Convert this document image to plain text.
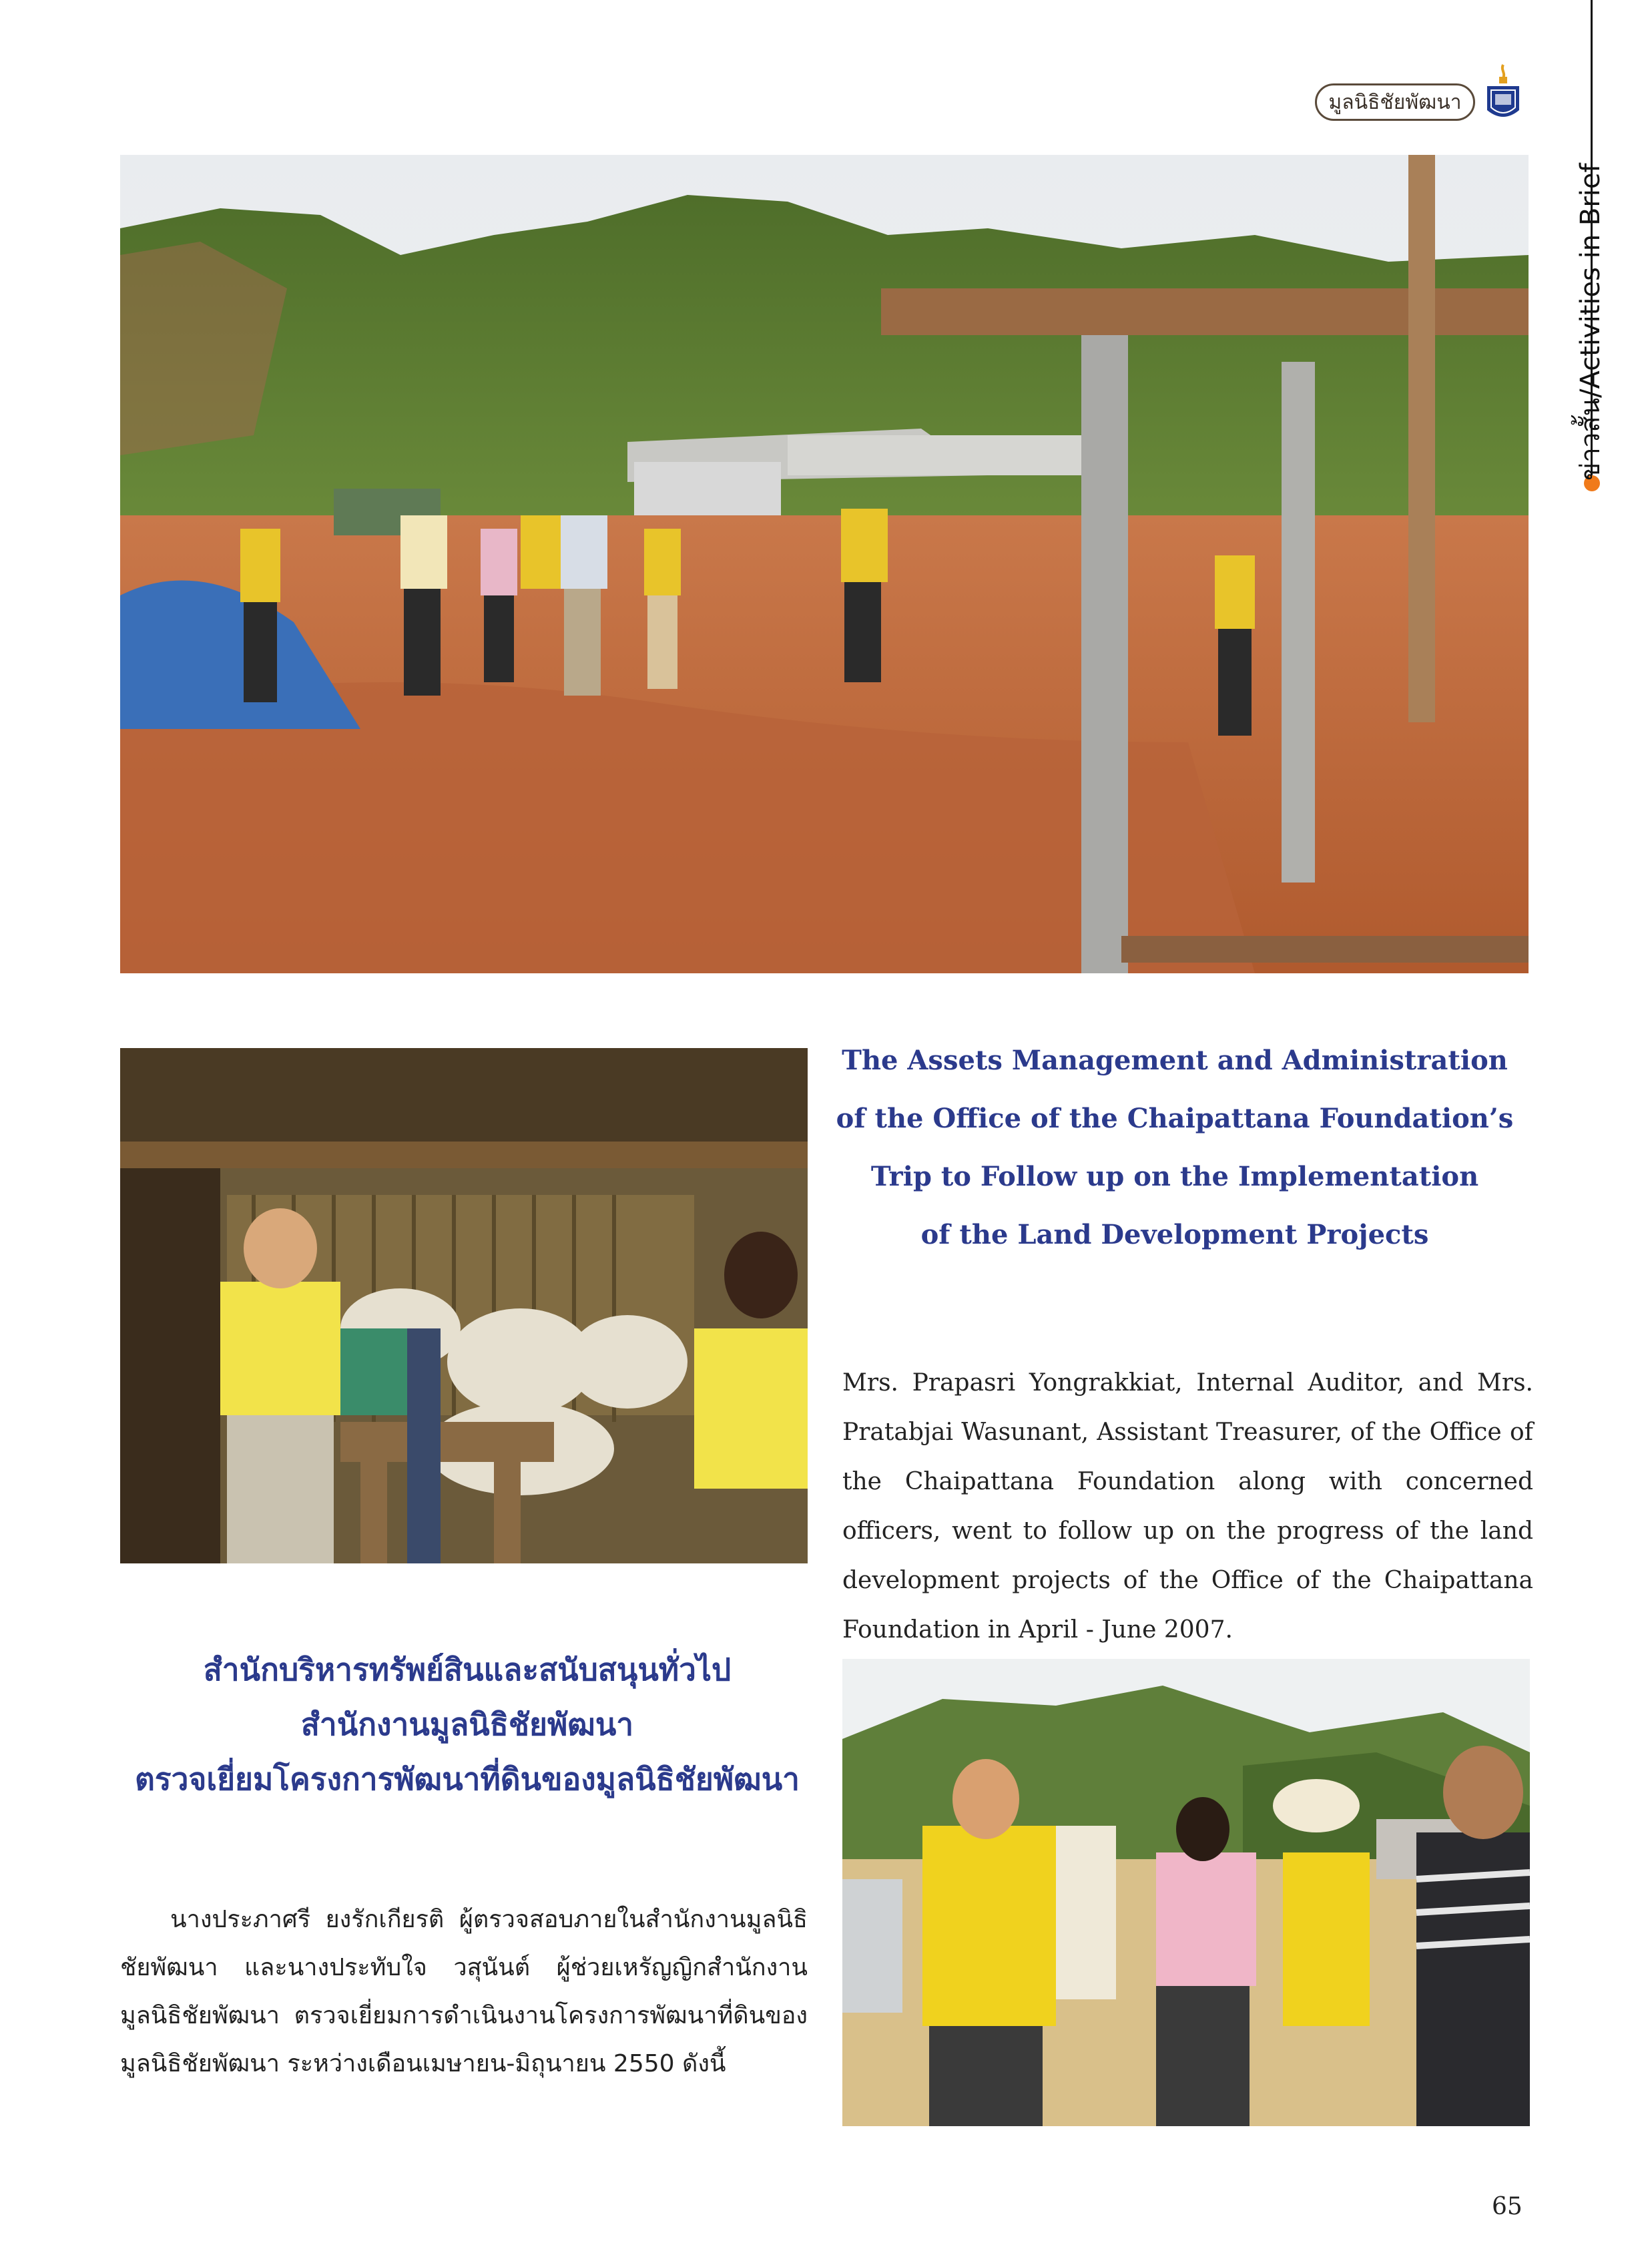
มูลนิธิชัยพัฒนา
ข่าวสั้น/Activities in Brief
The Assets Management and Administration
of the Office of the Chaipattana Foundation’s
Trip to Follow up on the Implementation
of the Land Development Projects
Mrs. Prapasri Yongrakkiat, Internal Auditor, and Mrs. Pratabjai Wasunant, Assistant Treasurer, of the Office of the Chaipattana Foundation along with concerned officers, went to follow up on the progress of the land development projects of the Office of the Chaipattana Foundation in April - June 2007.
สำนักบริหารทรัพย์สินและสนับสนุนทั่วไป
สำนักงานมูลนิธิชัยพัฒนา
ตรวจเยี่ยมโครงการพัฒนาที่ดินของมูลนิธิชัยพัฒนา

นางประภาศรี ยงรักเกียรติ ผู้ตรวจสอบภายในสำนักงานมูลนิธิชัยพัฒนา และนางประทับใจ วสุนันต์ ผู้ช่วยเหรัญญิกสำนักงานมูลนิธิชัยพัฒนา ตรวจเยี่ยมการดำเนินงานโครงการพัฒนาที่ดินของมูลนิธิชัยพัฒนา ระหว่างเดือนเมษายน-มิถุนายน 2550 ดังนี้

65
